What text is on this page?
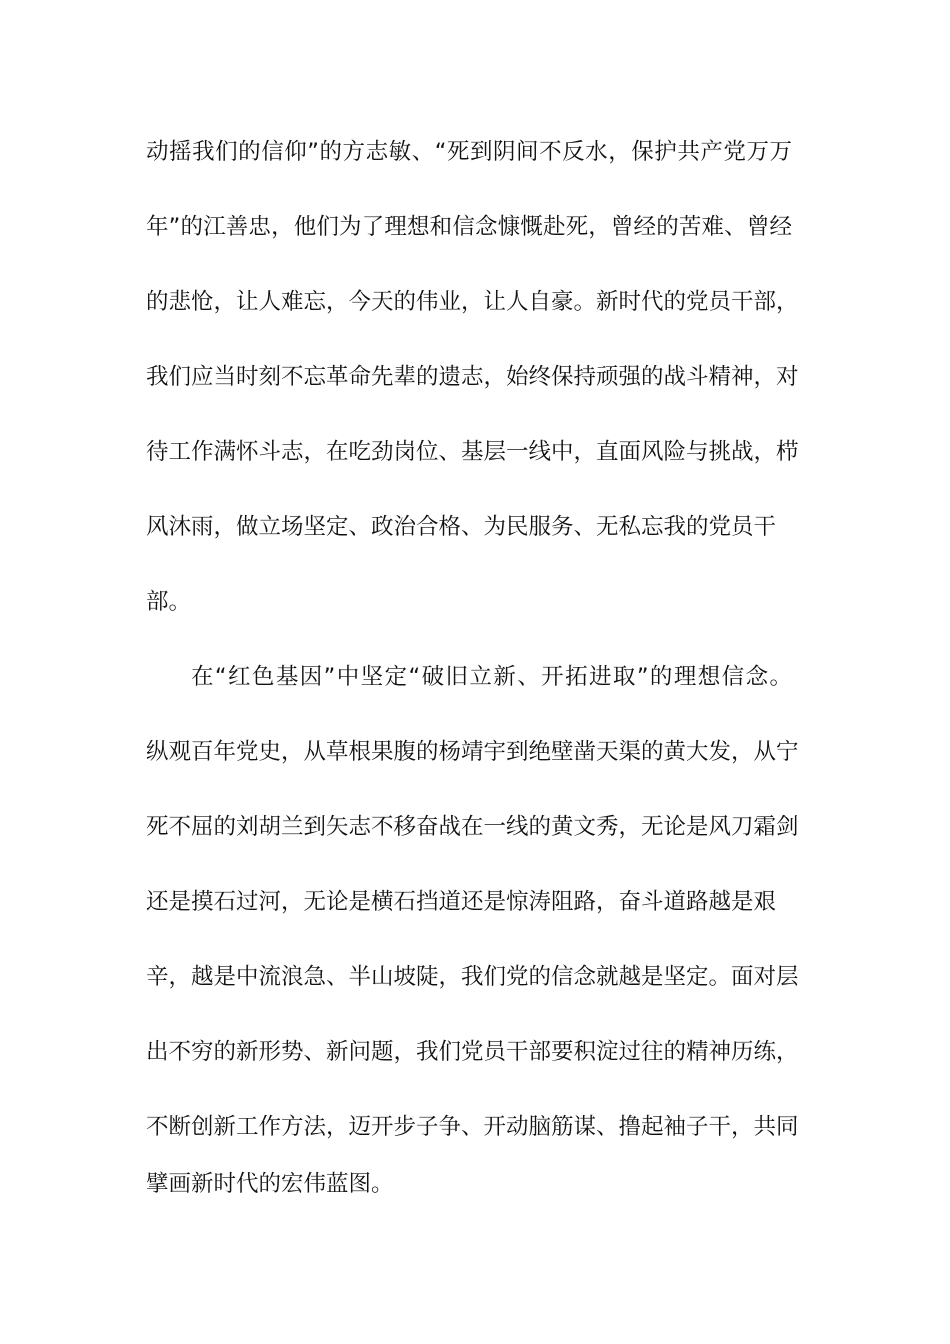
动摇我们的信仰”的方志敏、“死到阴间不反水，保护共产党万万
年”的江善忠，他们为了理想和信念慷慨赴死，曾经的苦难、曾经
的悲怆，让人难忘，今天的伟业，让人自豪。新时代的党员干部，
我们应当时刻不忘革命先辈的遗志，始终保持顽强的战斗精神，对
待工作满怀斗志，在吃劲岗位、基层一线中，直面风险与挑战，栉
风沐雨，做立场坚定、政治合格、为民服务、无私忘我的党员干
部。
在“红色基因”中坚定“破旧立新、开拓进取”的理想信念。
纵观百年党史，从草根果腹的杨靖宇到绝壁凿天渠的黄大发，从宁
死不屈的刘胡兰到矢志不移奋战在一线的黄文秀，无论是风刀霜剑
还是摸石过河，无论是横石挡道还是惊涛阻路，奋斗道路越是艰
辛，越是中流浪急、半山坡陡，我们党的信念就越是坚定。面对层
出不穷的新形势、新问题，我们党员干部要积淀过往的精神历练，
不断创新工作方法，迈开步子争、开动脑筋谋、撸起袖子干，共同
擘画新时代的宏伟蓝图。
